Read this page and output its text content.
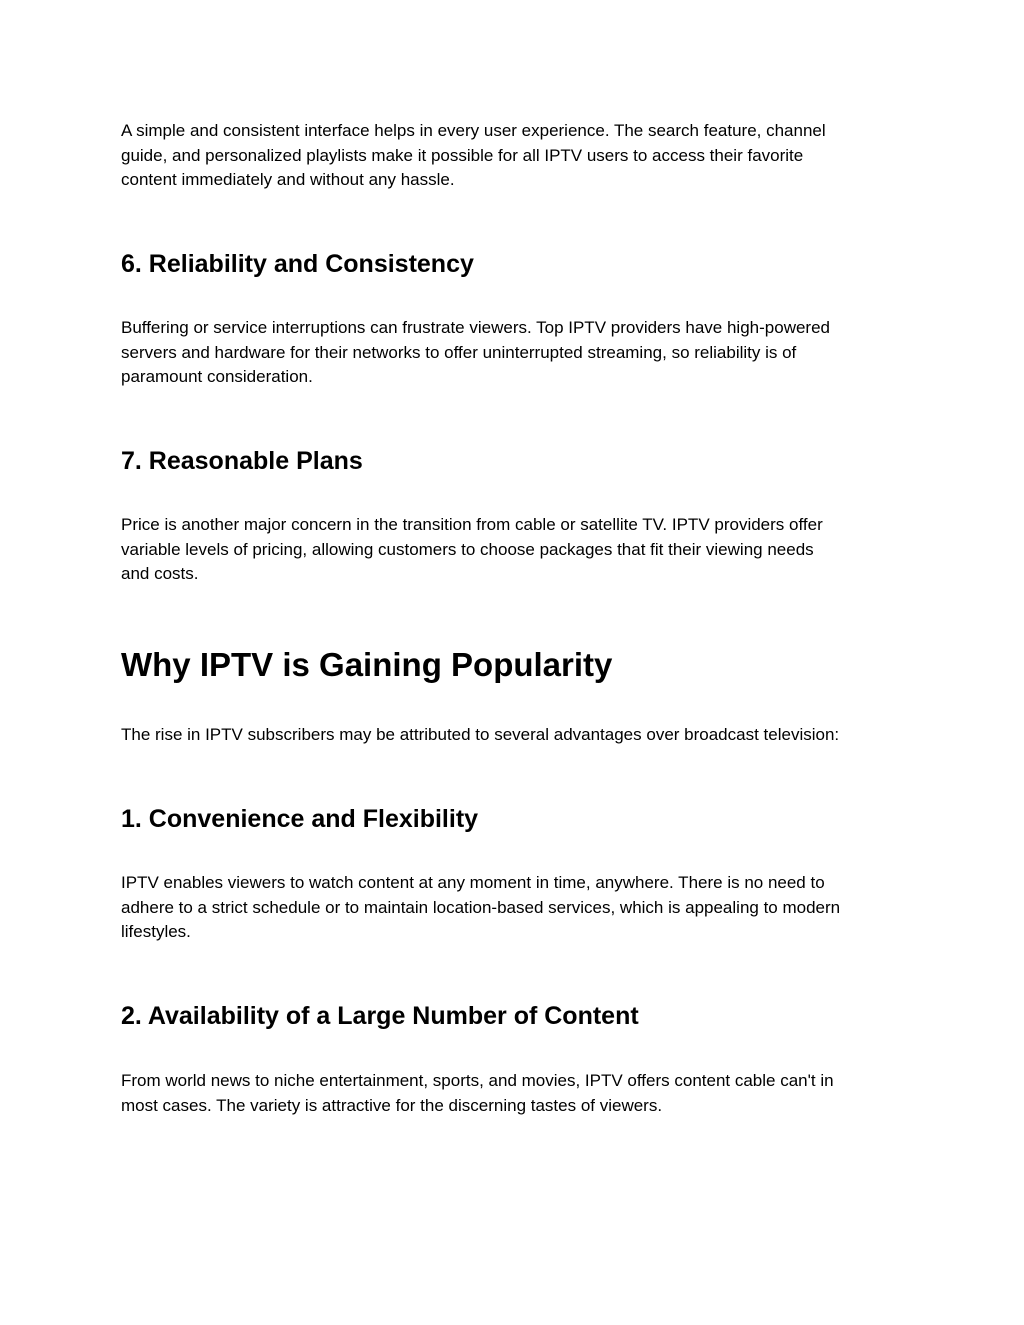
A simple and consistent interface helps in every user experience. The search feature, channel
guide, and personalized playlists make it possible for all IPTV users to access their favorite
content immediately and without any hassle.

6. Reliability and Consistency

Buffering or service interruptions can frustrate viewers. Top IPTV providers have high-powered
servers and hardware for their networks to offer uninterrupted streaming, so reliability is of
paramount consideration.

7. Reasonable Plans

Price is another major concern in the transition from cable or satellite TV. IPTV providers offer
variable levels of pricing, allowing customers to choose packages that fit their viewing needs
and costs.

Why IPTV is Gaining Popularity

The rise in IPTV subscribers may be attributed to several advantages over broadcast television:

1. Convenience and Flexibility

IPTV enables viewers to watch content at any moment in time, anywhere. There is no need to
adhere to a strict schedule or to maintain location-based services, which is appealing to modern
lifestyles.

2. Availability of a Large Number of Content

From world news to niche entertainment, sports, and movies, IPTV offers content cable can't in
most cases. The variety is attractive for the discerning tastes of viewers.
